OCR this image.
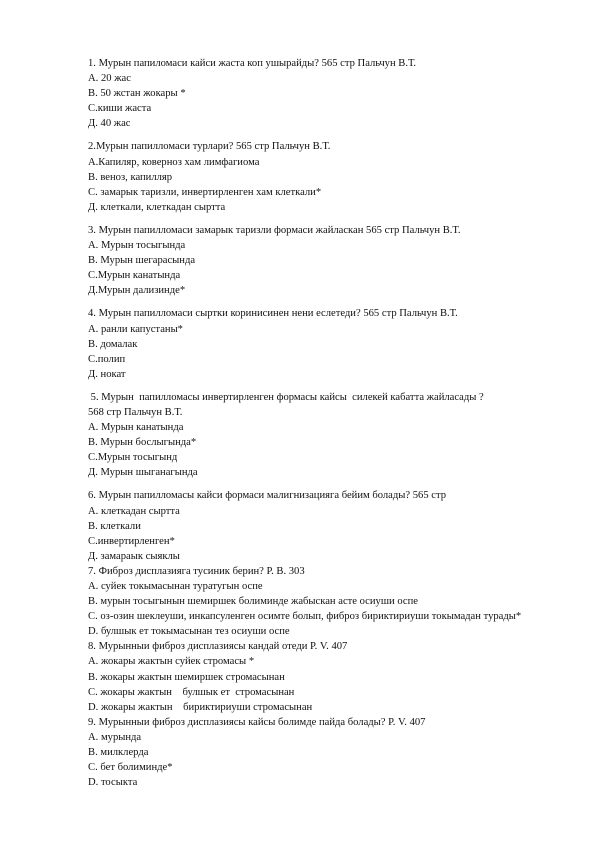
1. Мурын папиломаси кайси жаста коп ушырайды? 565 стр Пальчун В.Т.
А. 20 жас
В. 50 жстан жокары *
С.киши жаста
Д. 40 жас
2.Мурын папилломаси турлари? 565 стр Пальчун В.Т.
А.Капиляр, коверноз хам лимфагиома
В. веноз, капилляр
С. замарык таризли, инвертирленген хам клеткали*
Д. клеткали, клеткадан сыртта
3. Мурын папилломаси замарык таризли формаси жайласкан 565 стр Пальчун В.Т.
А. Мурын тосыгында
В. Мурын шегарасында
С.Мурын канатында
Д.Мурын дализинде*
4. Мурын папилломаси сыртки коринисинен нени еслетеди? 565 стр Пальчун В.Т.
А. ранли капустаны*
В. домалак
С.полип
Д. нокат
5. Мурын  папилломасы инвертирленген формасы кайсы  силекей кабатта жайласады ?
568 стр Пальчун В.Т.
А. Мурын канатында
В. Мурын бослыгында*
С.Мурын тосыгынд
Д. Мурын шыганагында
6. Мурын папилломасы кайси формаси малигнизацияга бейим болады? 565 стр
А. клеткадан сыртта
В. клеткали
С.инвертирленген*
Д. замараык сыяклы
7. Фиброз дисплазияга тусиник берин? Р. В. 303
А. суйек токымасынан туратугын оспе
В. мурын тосыгынын шемиршек болиминде жабыскан асте осиуши оспе
С. оз-озин шеклеуши, инкапсуленген осимте болып, фиброз бириктириуши токымадан турады*
D. булшык ет токымасынан тез осиуши оспе
8. Мурынныи фиброз дисплазиясы кандай отеди Р. V. 407
А. жокары жактын суйек стромасы *
В. жокары жактын шемиршек стромасынан
С. жокары жактын    булшык ет  стромасынан
D. жокары жактын    бириктириуши стромасынан
9. Мурынныи фиброз дисплазиясы кайсы болимде пайда болады? Р. V. 407
А. мурында
В. милклерда
С. бет болиминде*
D. тосыкта
